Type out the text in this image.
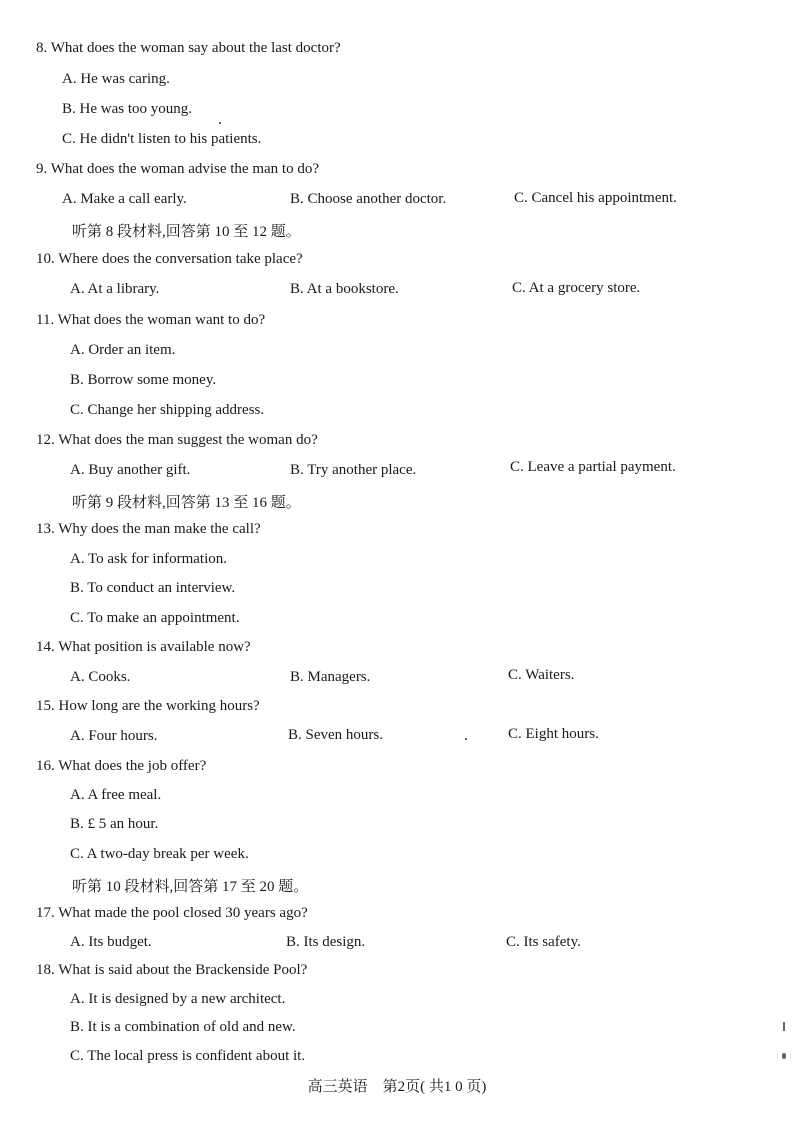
8. What does the woman say about the last doctor?
A. He was caring.
B. He was too young.
C. He didn't listen to his patients.
9. What does the woman advise the man to do?
A. Make a call early.	B. Choose another doctor.	C. Cancel his appointment.
听第 8 段材料,回答第 10 至 12 题。
10. Where does the conversation take place?
A. At a library.	B. At a bookstore.	C. At a grocery store.
11. What does the woman want to do?
A. Order an item.
B. Borrow some money.
C. Change her shipping address.
12. What does the man suggest the woman do?
A. Buy another gift.	B. Try another place.	C. Leave a partial payment.
听第 9 段材料,回答第 13 至 16 题。
13. Why does the man make the call?
A. To ask for information.
B. To conduct an interview.
C. To make an appointment.
14. What position is available now?
A. Cooks.	B. Managers.	C. Waiters.
15. How long are the working hours?
A. Four hours.	B. Seven hours.	C. Eight hours.
16. What does the job offer?
A. A free meal.
B. £ 5 an hour.
C. A two-day break per week.
听第 10 段材料,回答第 17 至 20 题。
17. What made the pool closed 30 years ago?
A. Its budget.	B. Its design.	C. Its safety.
18. What is said about the Brackenside Pool?
A. It is designed by a new architect.
B. It is a combination of old and new.
C. The local press is confident about it.
高三英语　第2页( 共1 0 页)
